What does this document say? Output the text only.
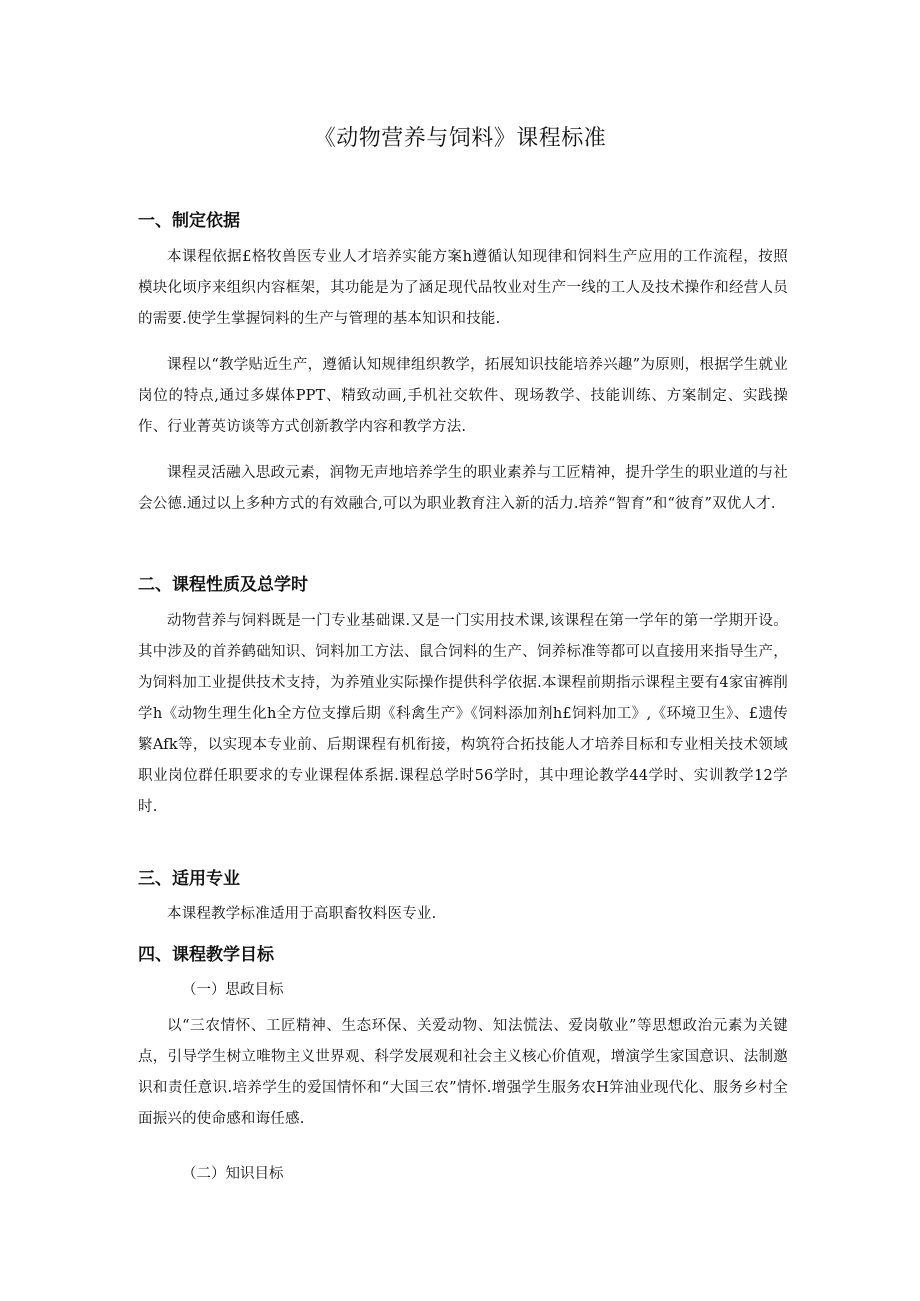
《动物营养与饲料》课程标准
一、制定依据
本课程依据£格牧兽医专业人才培养实能方案h遵循认知现律和饲料生产应用的工作流程，按照模块化顷序来组织内容框架，其功能是为了涵足现代品牧业对生产一线的工人及技术操作和经营人员的需要.使学生掌握饲料的生产与管理的基本知识和技能.
课程以“教学贴近生产，遵循认知规律组织教学，拓展知识技能培养兴趣”为原则，根据学生就业岗位的特点,通过多媒体PPT、精致动画,手机社交软件、现场教学、技能训练、方案制定、实践操作、行业菁英访谈等方式创新教学内容和教学方法.
课程灵活融入思政元素，润物无声地培养学生的职业素养与工匠精神，提升学生的职业道的与社会公德.通过以上多种方式的有效融合,可以为职业教育注入新的活力.培养“智育”和“彼育”双优人才.
二、课程性质及总学时
动物营养与饲料既是一门专业基础课.又是一门实用技术课,该课程在第一学年的第一学期开设。其中涉及的首养鹤础知识、饲料加工方法、鼠合饲料的生产、饲养标准等都可以直接用来指导生产，为饲料加工业提供技术支持，为养殖业实际操作提供科学依据.本课程前期指示课程主要有4家宙裤削学h《动物生理生化h全方位支撑后期《科禽生产》《饲料添加剂h£饲料加工》,《环境卫生》、£遗传繁Afk等，以实现本专业前、后期课程有机衔接，构筑符合拓技能人才培养目标和专业相关技术领域职业岗位群任职要求的专业课程体系据.课程总学时56学时，其中理论教学44学时、实训教学12学时.
三、适用专业
本课程教学标准适用于高职畜牧料医专业.
四、课程教学目标
（一）思政目标
以“三农情怀、工匠精神、生态环保、关爱动物、知法慌法、爱岗敬业”等思想政治元素为关键点，引导学生树立唯物主义世界观、科学发展观和社会主义核心价值观，增演学生家国意识、法制邀识和责任意识.培养学生的爱国情怀和“大国三农”情怀.增强学生服务农H笄油业现代化、服务乡村全面振兴的使命感和诲任感.
（二）知识目标
